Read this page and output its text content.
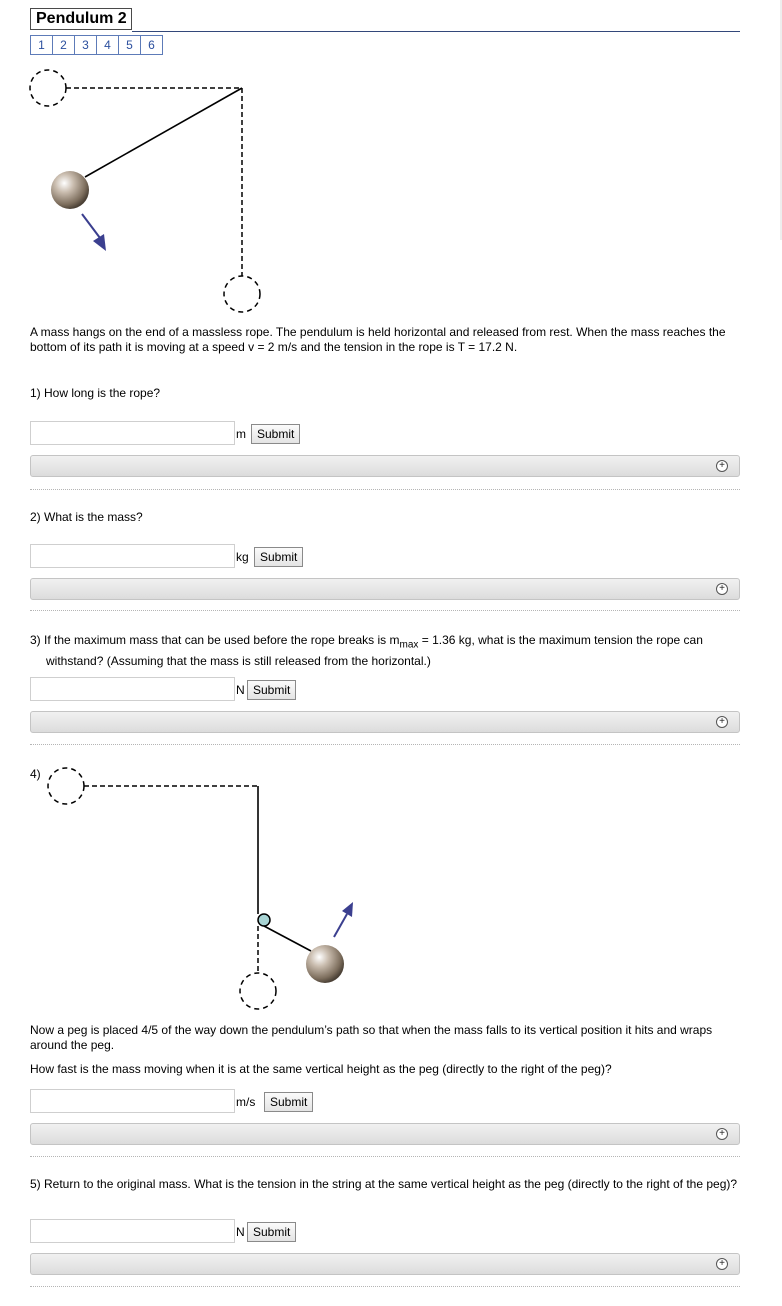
Pendulum 2
1	2	3	4	5	6
A mass hangs on the end of a massless rope. The pendulum is held horizontal and released from rest. When the mass reaches the bottom of its path it is moving at a speed v = 2 m/s and the tension in the rope is T = 17.2 N.
1) How long is the rope?
m Submit
+
2) What is the mass?
kg Submit
+
3) If the maximum mass that can be used before the rope breaks is $m_{max} = 1.36$ kg, what is the maximum tension the rope can withstand? (Assuming that the mass is still released from the horizontal.)
N Submit
+
4)
Now a peg is placed 4/5 of the way down the pendulum’s path so that when the mass falls to its vertical position it hits and wraps around the peg.
How fast is the mass moving when it is at the same vertical height as the peg (directly to the right of the peg)?
m/s	Submit
+
5) Return to the original mass. What is the tension in the string at the same vertical height as the peg (directly to the right of the peg)?
N Submit
+
